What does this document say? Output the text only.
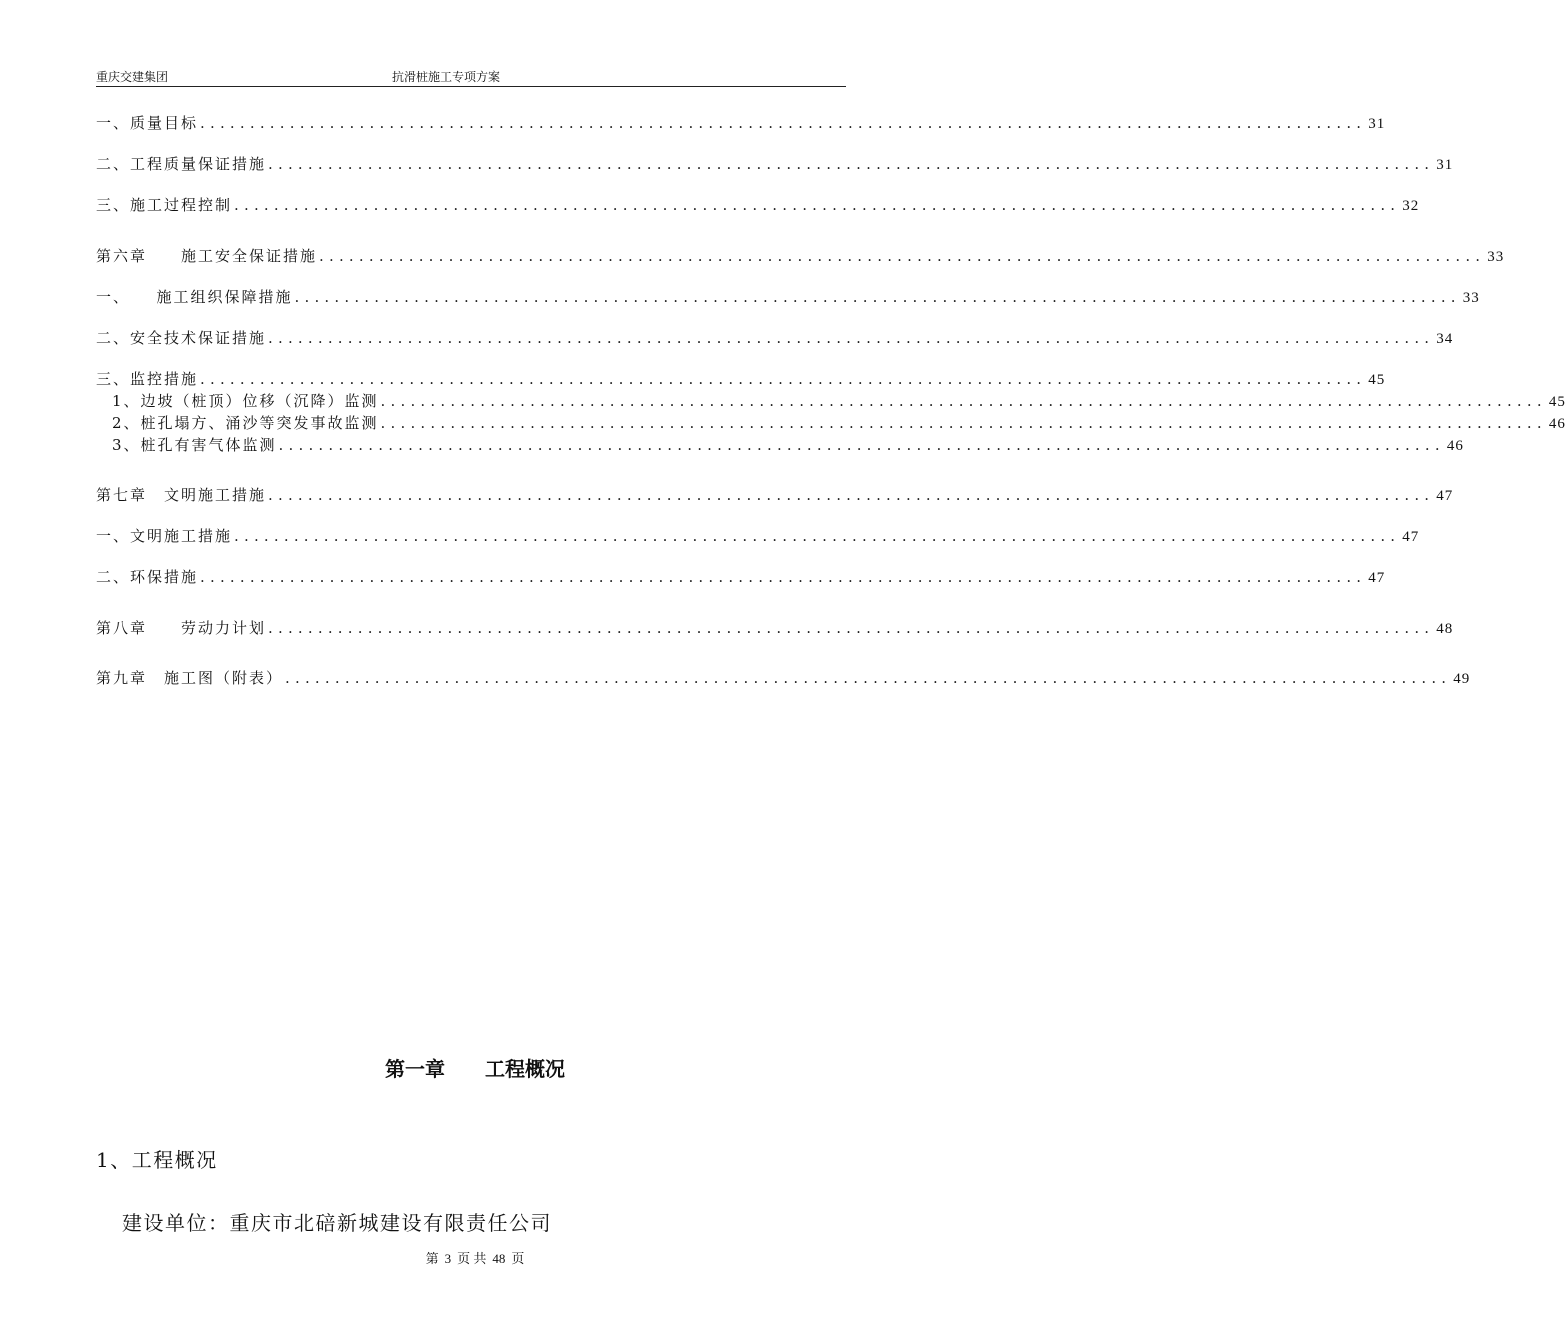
重庆交建集团	抗滑桩施工专项方案
一、质量目标 ..................................................................................................................... 31
二、工程质量保证措施 ..................................................................................................................... 31
三、施工过程控制 ..................................................................................................................... 32
第六章　　施工安全保证措施 ..................................................................................................................... 33
一、　　施工组织保障措施 ..................................................................................................................... 33
二、安全技术保证措施 ..................................................................................................................... 34
三、监控措施 ..................................................................................................................... 45
1、边坡（桩顶）位移（沉降）监测 ..................................................................................................................... 45
2、桩孔塌方、涌沙等突发事故监测 ..................................................................................................................... 46
3、桩孔有害气体监测 ..................................................................................................................... 46
第七章　文明施工措施 ..................................................................................................................... 47
一、文明施工措施 ..................................................................................................................... 47
二、环保措施 ..................................................................................................................... 47
第八章　　劳动力计划 ..................................................................................................................... 48
第九章　施工图（附表） ..................................................................................................................... 49
第一章　　工程概况
1、工程概况
建设单位：重庆市北碚新城建设有限责任公司
第 3 页 共 48 页
